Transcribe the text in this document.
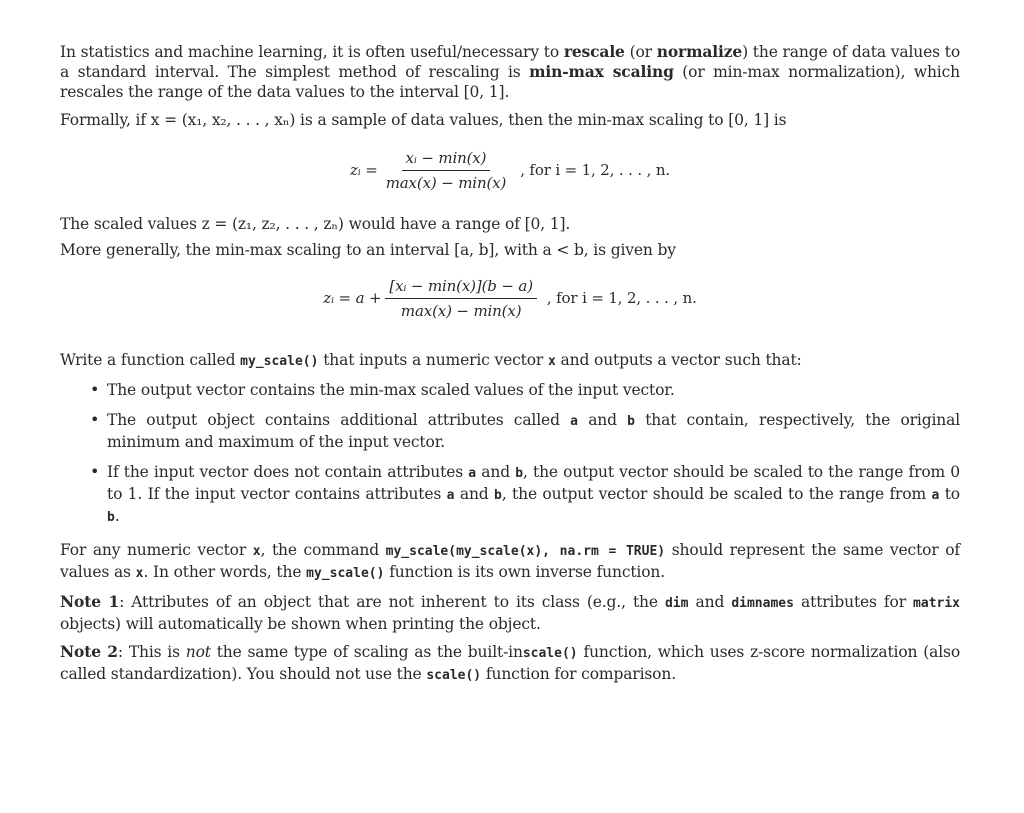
In statistics and machine learning, it is often useful/necessary to rescale (or normalize) the range of data values to a standard interval. The simplest method of rescaling is min-max scaling (or min-max normalization), which rescales the range of the data values to the interval [0, 1].

Formally, if x = (x₁, x₂, . . . , xₙ) is a sample of data values, then the min-max scaling to [0, 1] is

zᵢ = $\frac{\text{xᵢ − min(x)}}{\max(x) - \min(x)}$ , for i = 1, 2, . . . , n.

The scaled values z = (z₁, z₂, . . . , zₙ) would have a range of [0, 1].

More generally, the min-max scaling to an interval [a, b], with a < b, is given by

zᵢ = $a + \frac{\text{[xᵢ − min(x)](b − a)}}{\max(x) - \min(x)}$ , for i = 1, 2, . . . , n.

Write a function called my_scale() that inputs a numeric vector x and outputs a vector such that:

• The output vector contains the min-max scaled values of the input vector.
• The output object contains additional attributes called a and b that contain, respectively, the original minimum and maximum of the input vector.
• If the input vector does not contain attributes a and b, the output vector should be scaled to the range from 0 to 1. If the input vector contains attributes a and b, the output vector should be scaled to the range from a to b.

For any numeric vector x, the command my_scale(my_scale(x), na.rm = TRUE) should represent the same vector of values as x. In other words, the my_scale() function is its own inverse function.

Note 1: Attributes of an object that are not inherent to its class (e.g., the dim and dimnames attributes for matrix objects) will automatically be shown when printing the object.

Note 2: This is not the same type of scaling as the built-inscale() function, which uses z-score normalization (also called standardization). You should not use the scale() function for comparison.
